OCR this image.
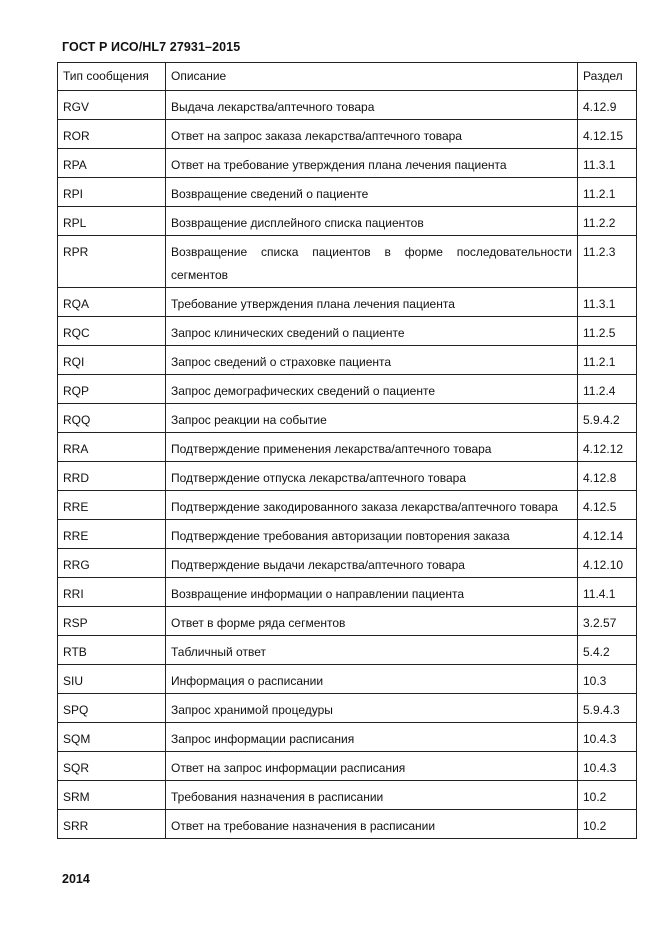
ГОСТ Р ИСО/HL7 27931–2015
Тип сообщения	Описание	Раздел
RGV	Выдача лекарства/аптечного товара	4.12.9
ROR	Ответ на запрос заказа лекарства/аптечного товара	4.12.15
RPA	Ответ на требование утверждения плана лечения пациента	11.3.1
RPI	Возвращение сведений о пациенте	11.2.1
RPL	Возвращение дисплейного списка пациентов	11.2.2
RPR	Возвращение списка пациентов в форме последовательности сегментов	11.2.3
RQA	Требование утверждения плана лечения пациента	11.3.1
RQC	Запрос клинических сведений о пациенте	11.2.5
RQI	Запрос сведений о страховке пациента	11.2.1
RQP	Запрос демографических сведений о пациенте	11.2.4
RQQ	Запрос реакции на событие	5.9.4.2
RRA	Подтверждение применения лекарства/аптечного товара	4.12.12
RRD	Подтверждение отпуска лекарства/аптечного товара	4.12.8
RRE	Подтверждение закодированного заказа лекарства/аптечного товара	4.12.5
RRE	Подтверждение требования авторизации повторения заказа	4.12.14
RRG	Подтверждение выдачи лекарства/аптечного товара	4.12.10
RRI	Возвращение информации о направлении пациента	11.4.1
RSP	Ответ в форме ряда сегментов	3.2.57
RTB	Табличный ответ	5.4.2
SIU	Информация о расписании	10.3
SPQ	Запрос хранимой процедуры	5.9.4.3
SQM	Запрос информации расписания	10.4.3
SQR	Ответ на запрос информации расписания	10.4.3
SRM	Требования назначения в расписании	10.2
SRR	Ответ на требование назначения в расписании	10.2
2014
